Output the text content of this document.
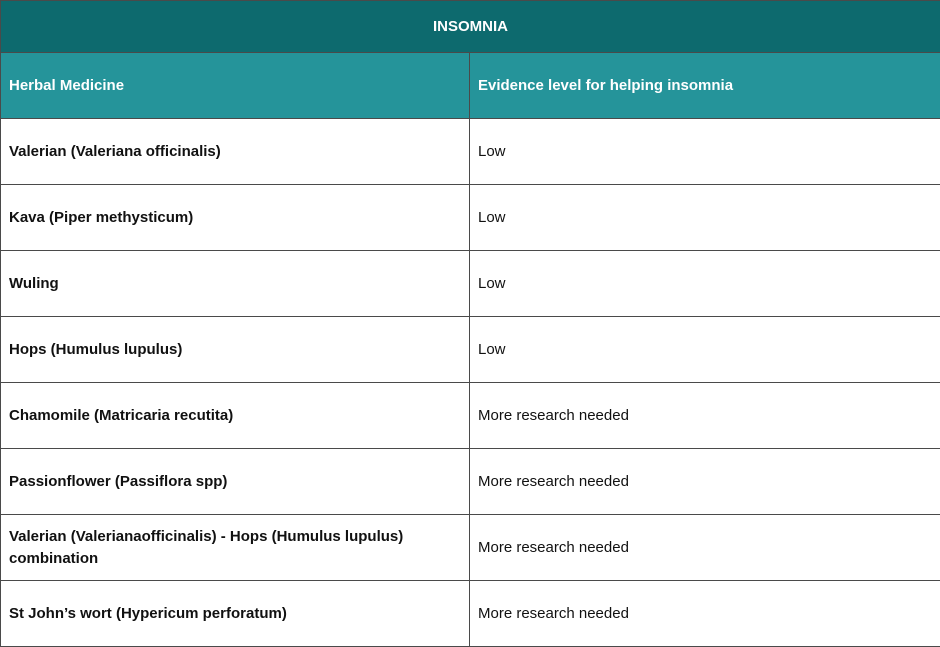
INSOMNIA	
Herbal Medicine	Evidence level for helping insomnia
Valerian (Valeriana officinalis)	Low
Kava (Piper methysticum)	Low
Wuling	Low
Hops (Humulus lupulus)	Low
Chamomile (Matricaria recutita)	More research needed
Passionflower (Passiflora spp)	More research needed
Valerian (Valerianaofficinalis) - Hops (Humulus lupulus) combination	More research needed
St John’s wort (Hypericum perforatum)	More research needed
